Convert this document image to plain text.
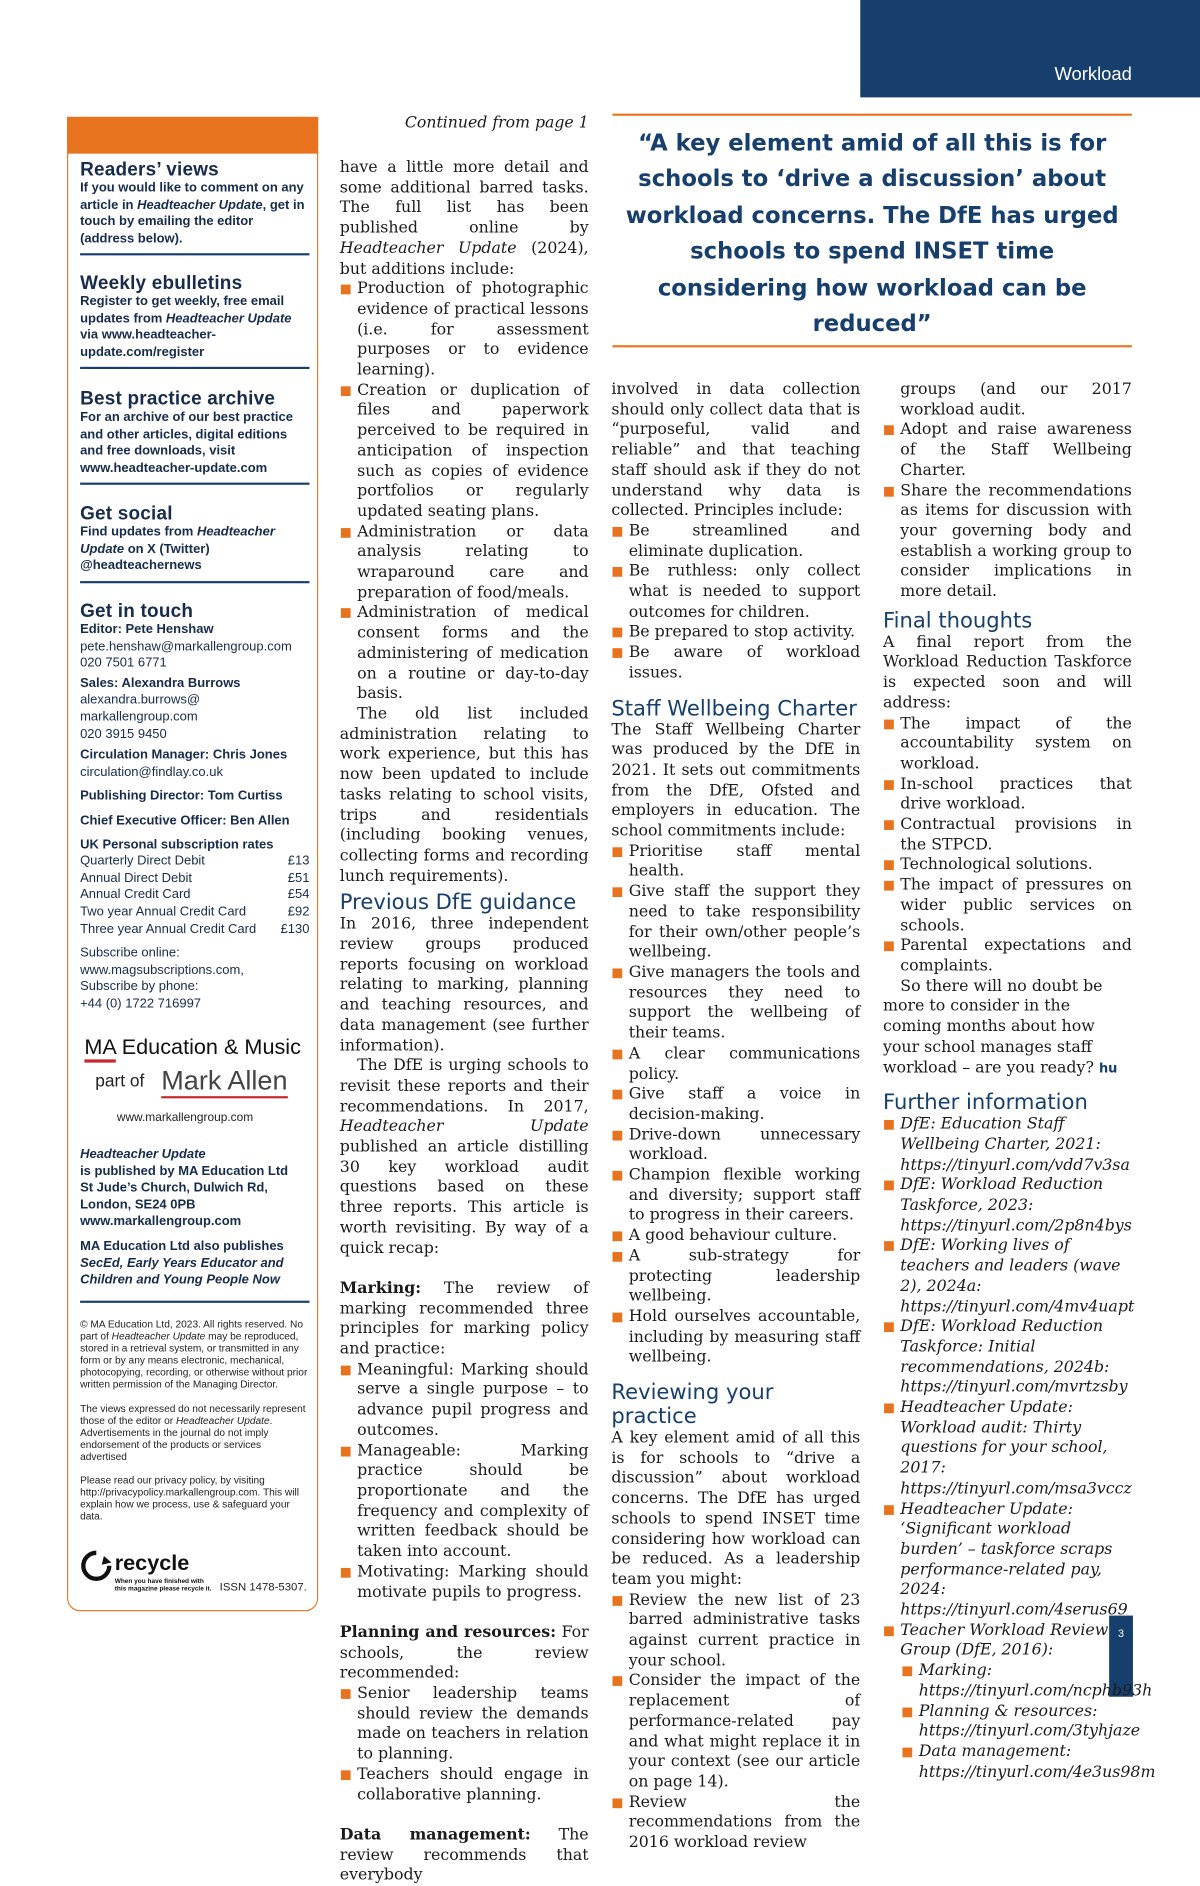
Workload
3
Readers’ views

If you would like to comment on any article in Headteacher Update, get in touch by emailing the editor (address below).

Weekly ebulletins

Register to get weekly, free email updates from Headteacher Update via www.headteacher-update.com/register

Best practice archive

For an archive of our best practice and other articles, digital editions and free downloads, visit www.headteacher-update.com

Get social

Find updates from Headteacher Update on X (Twitter) @headteachernews

Get in touch
Editor: Pete Henshaw
pete.henshaw@markallengroup.com
020 7501 6771
Sales: Alexandra Burrows
alexandra.burrows@
markallengroup.com
020 3915 9450
Circulation Manager: Chris Jones
circulation@findlay.co.uk
Publishing Director: Tom Curtiss
Chief Executive Officer: Ben Allen
UK Personal subscription rates
Quarterly Direct Debit	£13
Annual Direct Debit	£51
Annual Credit Card	£54
Two year Annual Credit Card	£92
Three year Annual Credit Card £130
Subscribe online:
www.magsubscriptions.com,
Subscribe by phone:
+44 (0) 1722 716997
MA Education & Music
part of Mark Allen
www.markallengroup.com

Headteacher Update

is published by MA Education Ltd

St Jude’s Church, Dulwich Rd,

London, SE24 0PB

www.markallengroup.com

MA Education Ltd also publishes

SecEd, Early Years Educator and Children and Young People Now

© MA Education Ltd, 2023. All rights reserved. No part of Headteacher Update may be reproduced, stored in a retrieval system, or transmitted in any form or by any means electronic, mechanical, photocopying, recording, or otherwise without prior written permission of the Managing Director.
The views expressed do not necessarily represent those of the editor or Headteacher Update. Advertisements in the journal do not imply endorsement of the products or services advertised
Please read our privacy policy, by visiting http://privacypolicy.markallengroup.com. This will explain how we process, use & safeguard your data.
recycle
When you have finished with
this magazine please recycle it. ISSN 1478-5307.
Continued from page 1
“A key element amid of all this is for schools to ‘drive a discussion’ about workload concerns. The DfE has urged schools to spend INSET time considering how workload can be reduced”

have a little more detail and some additional barred tasks. The full list has been published online by Headteacher Update (2024), but additions include:

Production of photographic evidence of practical lessons (i.e. for assessment purposes or to evidence learning).
Creation or duplication of files and paperwork perceived to be required in anticipation of inspection such as copies of evidence portfolios or regularly updated seating plans.
Administration or data analysis relating to wraparound care and preparation of food/meals.
Administration of medical consent forms and the administering of medication on a routine or day-to-day basis.

The old list included administration relating to work experience, but this has now been updated to include tasks relating to school visits, trips and residentials (including booking venues, collecting forms and recording lunch requirements).

Previous DfE guidance

In 2016, three independent review groups produced reports focusing on workload relating to marking, planning and teaching resources, and data management (see further information).

The DfE is urging schools to revisit these reports and their recommendations. In 2017, Headteacher Update published an article distilling 30 key workload audit questions based on these three reports. This article is worth revisiting. By way of a quick recap:

Marking: The review of marking recommended three principles for marking policy and practice:

Meaningful: Marking should serve a single purpose – to advance pupil progress and outcomes.
Manageable: Marking practice should be proportionate and the frequency and complexity of written feedback should be taken into account.
Motivating: Marking should motivate pupils to progress.

Planning and resources: For schools, the review recommended:

Senior leadership teams should review the demands made on teachers in relation to planning.
Teachers should engage in collaborative planning.

Data management: The review recommends that everybody

involved in data collection should only collect data that is “purposeful, valid and reliable” and that teaching staff should ask if they do not understand why data is collected. Principles include:

Be streamlined and eliminate duplication.
Be ruthless: only collect what is needed to support outcomes for children.
Be prepared to stop activity.
Be aware of workload issues.
Staff Wellbeing Charter

The Staff Wellbeing Charter was produced by the DfE in 2021. It sets out commitments from the DfE, Ofsted and employers in education. The school commitments include:

Prioritise staff mental health.
Give staff the support they need to take responsibility for their own/other people’s wellbeing.
Give managers the tools and resources they need to support the wellbeing of their teams.
A clear communications policy.
Give staff a voice in decision-making.
Drive-down unnecessary workload.
Champion flexible working and diversity; support staff to progress in their careers.
A good behaviour culture.
A sub-strategy for protecting leadership wellbeing.
Hold ourselves accountable, including by measuring staff wellbeing.
Reviewing your practice

A key element amid of all this is for schools to “drive a discussion” about workload concerns. The DfE has urged schools to spend INSET time considering how workload can be reduced. As a leadership team you might:

Review the new list of 23 barred administrative tasks against current practice in your school.
Consider the impact of the replacement of performance-related pay and what might replace it in your context (see our article on page 14).
Review the recommendations from the 2016 workload review

groups (and our 2017 workload audit.

Adopt and raise awareness of the Staff Wellbeing Charter.
Share the recommendations as items for discussion with your governing body and establish a working group to consider implications in more detail.
Final thoughts

A final report from the Workload Reduction Taskforce is expected soon and will address:

The impact of the accountability system on workload.
In-school practices that drive workload.
Contractual provisions in the STPCD.
Technological solutions.
The impact of pressures on wider public services on schools.
Parental expectations and complaints.

So there will no doubt be more to consider in the coming months about how your school manages staff workload – are you ready? hu

Further information
DfE: Education Staff Wellbeing Charter, 2021: https://tinyurl.com/vdd7v3sa
DfE: Workload Reduction Taskforce, 2023: https://tinyurl.com/2p8n4bys
DfE: Working lives of teachers and leaders (wave 2), 2024a: https://tinyurl.com/4mv4uapt
DfE: Workload Reduction Taskforce: Initial recommendations, 2024b: https://tinyurl.com/mvrtzsby
Headteacher Update: Workload audit: Thirty questions for your school, 2017: https://tinyurl.com/msa3vccz
Headteacher Update: ‘Significant workload burden’ – taskforce scraps performance-related pay, 2024: https://tinyurl.com/4serus69
Teacher Workload Review Group (DfE, 2016):
Marking: https://tinyurl.com/ncphb93h
Planning & resources: https://tinyurl.com/3tyhjaze
Data management: https://tinyurl.com/4e3us98m
